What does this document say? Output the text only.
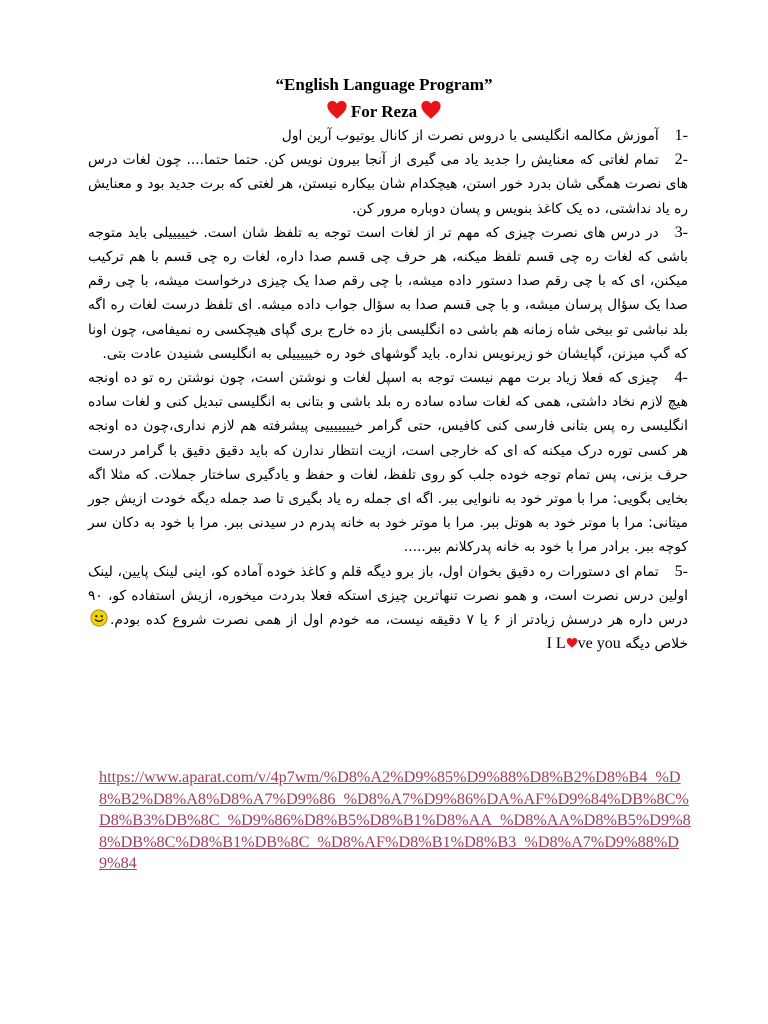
“English Language Program”
For Reza

1-آموزش مکالمه انگلیسی با دروس نصرت از کانال یوتیوب آرین اول

2-تمام لغاتی که معنایش را جدید یاد می گیری از آنجا بیرون نویس کن. حتما حتما.... چون لغات درس های نصرت همگی شان بدرد خور استن، هیچکدام شان بیکاره نیستن، هر لغتی که برت جدید بود و معنایش ره یاد نداشتی، ده یک کاغذ بنویس و پسان دوباره مرور کن.

3-در درس های نصرت چیزی که مهم تر از لغات است توجه به تلفظ شان است. خیییییلی باید متوجه باشی که لغات ره چی قسم تلفظ میکنه، هر حرف چی قسم صدا داره، لغات ره چی قسم با هم ترکیب میکنن، ای که با چی رقم صدا دستور داده میشه، با چی رقم صدا یک چیزی درخواست میشه، با چی رقم صدا یک سؤال پرسان میشه، و با چی قسم صدا به سؤال جواب داده میشه. ای تلفظ درست لغات ره اگه بلد نباشی تو بیخی شاه زمانه هم باشی ده انگلیسی باز ده خارج بری گپای هیچکسی ره نمیفامی، چون اونا که گپ میزنن، گپایشان خو زیرنویس نداره. باید گوشهای خود ره خیییییلی به انگلیسی شنیدن عادت بتی.

4-چیزی که فعلا زیاد برت مهم نیست توجه به اسپل لغات و نوشتن است، چون نوشتن ره تو ده اونجه هیچ لازم نخاد داشتی، همی که لغات ساده ساده ره بلد باشی و بتانی به انگلیسی تبدیل کنی و لغات ساده انگلیسی ره پس بتانی فارسی کنی کافیس، حتی گرامر خیییییییی پیشرفته هم لازم نداری،چون ده اونجه هر کسی توره درک میکنه که ای که خارجی است، ازیت انتظار ندارن که باید دقیق دقیق با گرامر درست حرف بزنی، پس تمام توجه خوده جلب کو روی تلفظ، لغات و حفظ و یادگیری ساختار جملات. که مثلا اگه بخایی بگویی: مرا با موتر خود به نانوایی ببر. اگه ای جمله ره یاد بگیری تا صد جمله دیگه خودت ازیش جور میتانی: مرا با موتر خود به هوتل ببر. مرا با موتر خود به خانه پدرم در سیدنی ببر. مرا با خود به دکان سر کوچه ببر. برادر مرا با خود به خانه پدرکلانم ببر.....

5-تمام ای دستورات ره دقیق بخوان اول، باز برو دیگه قلم و کاغذ خوده آماده کو، اینی لینک پایین، لینک اولین درس نصرت است، و همو نصرت تنهاترین چیزی استکه فعلا بدردت میخوره، ازیش استفاده کو، ۹۰ درس داره هر درسش زیادتر از ۶ یا ۷ دقیقه نیست، مه خودم اول از همی نصرت شروع کده بودم.خلاص دیگه I L ve you

https://www.aparat.com/v/4p7wm/%D8%A2%D9%85%D9%88%D8%B2%D8%B4_%D8%B2%D8%A8%D8%A7%D9%86_%D8%A7%D9%86%DA%AF%D9%84%DB%8C%D8%B3%DB%8C_%D9%86%D8%B5%D8%B1%D8%AA_%D8%AA%D8%B5%D9%88%DB%8C%D8%B1%DB%8C_%D8%AF%D8%B1%D8%B3_%D8%A7%D9%88%D9%84
